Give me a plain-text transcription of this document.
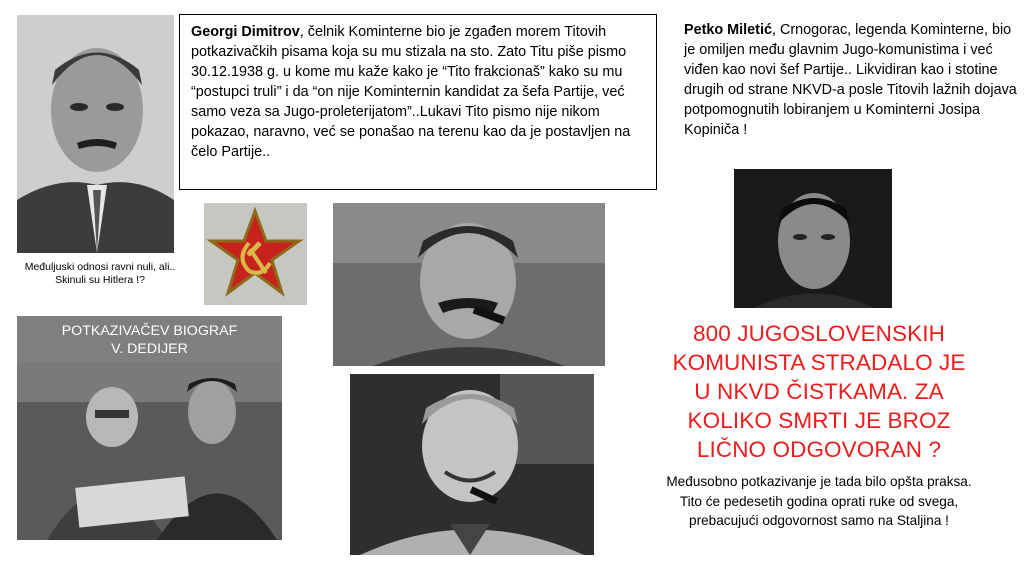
Međuljuski odnosi ravni nuli, ali.. Skinuli su Hitlera !?
Georgi Dimitrov, čelnik Kominterne bio je zgađen morem Titovih potkazivačkih pisama koja su mu stizala na sto. Zato Titu piše pismo 30.12.1938 g. u kome mu kaže kako je “Tito frakcionaš” kako su mu “postupci truli” i da “on nije Kominternin kandidat za šefa Partije, već samo veza sa Jugo-proleterijatom”..Lukavi Tito pismo nije nikom pokazao, naravno, već se ponašao na terenu kao da je postavljen na čelo Partije..
Petko Miletić, Crnogorac, legenda Kominterne, bio je omiljen među glavnim Jugo-komunistima i već viđen kao novi šef Partije.. Likvidiran kao i stotine drugih od strane NKVD-a posle Titovih lažnih dojava potpomognutih lobiranjem u Kominterni Josipa Kopiniča !
POTKAZIVAČEV BIOGRAF
V. DEDIJER
800 JUGOSLOVENSKIH
KOMUNISTA STRADALO JE
U NKVD ČISTKAMA. ZA
KOLIKO SMRTI JE BROZ
LIČNO ODGOVORAN ?
Međusobno potkazivanje je tada bilo opšta praksa.
Tito će pedesetih godina oprati ruke od svega,
prebacujući odgovornost samo na Staljina !
